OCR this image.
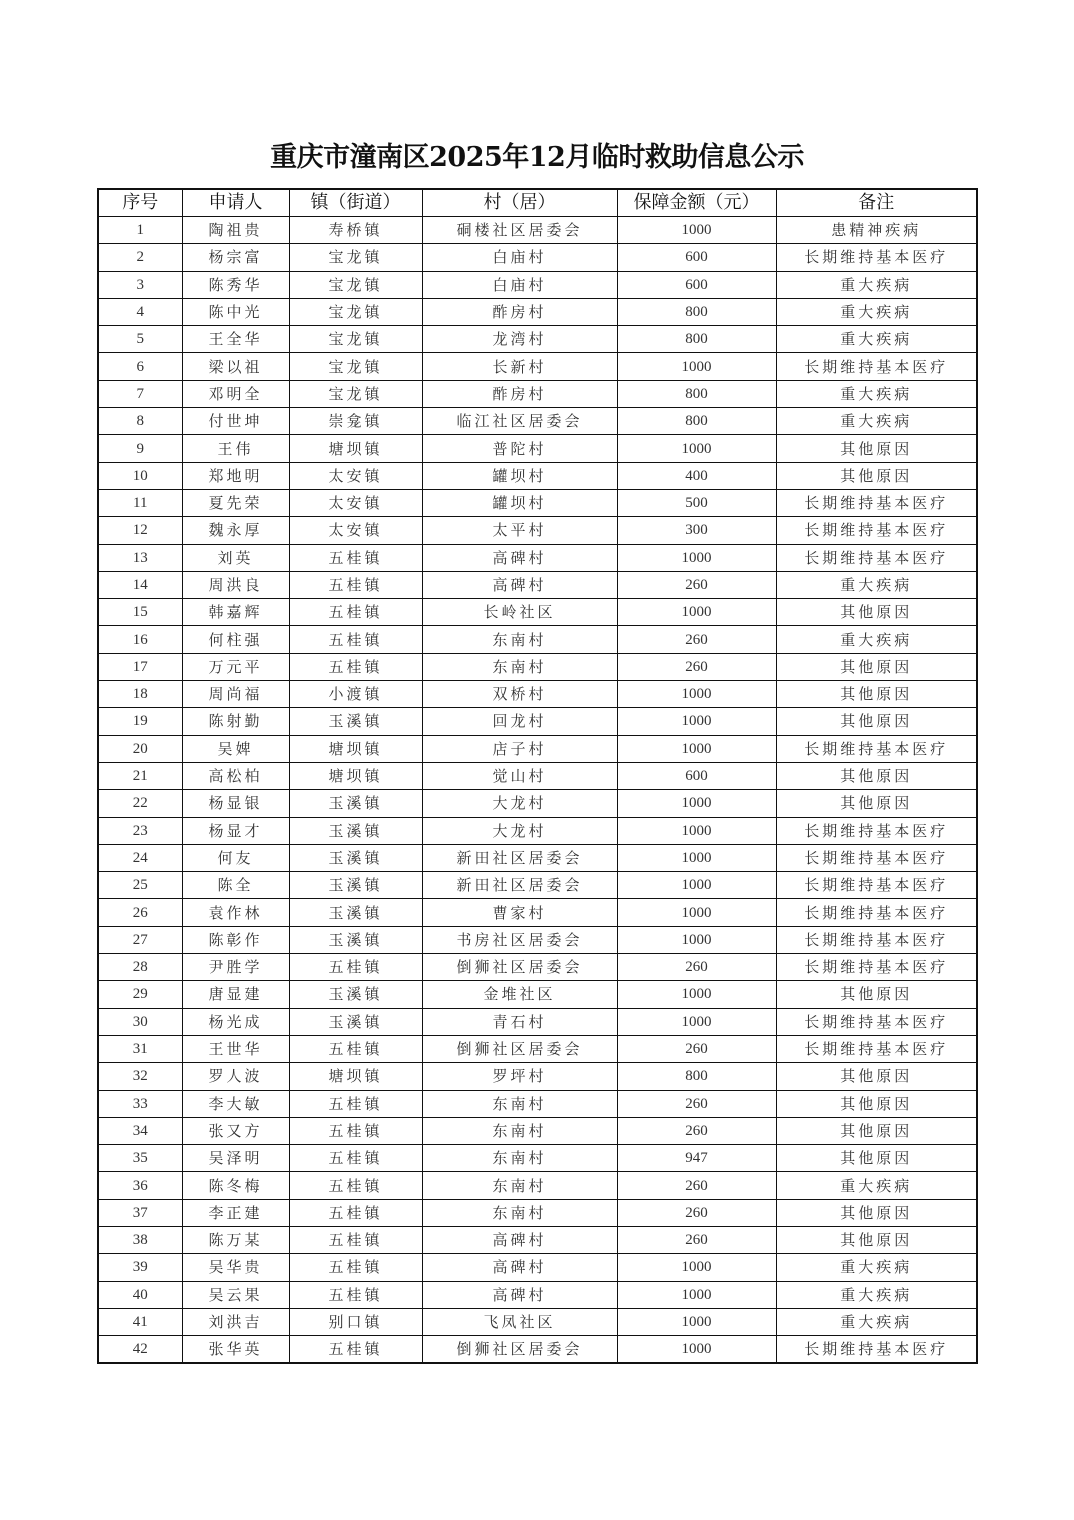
重庆市潼南区2025年12月临时救助信息公示
序号	申请人	镇（街道）	村（居）	保障金额（元）	备注
1	陶祖贵	寿桥镇	硐楼社区居委会	1000	患精神疾病
2	杨宗富	宝龙镇	白庙村	600	长期维持基本医疗
3	陈秀华	宝龙镇	白庙村	600	重大疾病
4	陈中光	宝龙镇	酢房村	800	重大疾病
5	王全华	宝龙镇	龙湾村	800	重大疾病
6	梁以祖	宝龙镇	长新村	1000	长期维持基本医疗
7	邓明全	宝龙镇	酢房村	800	重大疾病
8	付世坤	崇龛镇	临江社区居委会	800	重大疾病
9	王伟	塘坝镇	普陀村	1000	其他原因
10	郑地明	太安镇	罐坝村	400	其他原因
11	夏先荣	太安镇	罐坝村	500	长期维持基本医疗
12	魏永厚	太安镇	太平村	300	长期维持基本医疗
13	刘英	五桂镇	高碑村	1000	长期维持基本医疗
14	周洪良	五桂镇	高碑村	260	重大疾病
15	韩嘉辉	五桂镇	长岭社区	1000	其他原因
16	何柱强	五桂镇	东南村	260	重大疾病
17	万元平	五桂镇	东南村	260	其他原因
18	周尚福	小渡镇	双桥村	1000	其他原因
19	陈射勤	玉溪镇	回龙村	1000	其他原因
20	吴婢	塘坝镇	店子村	1000	长期维持基本医疗
21	高松柏	塘坝镇	觉山村	600	其他原因
22	杨显银	玉溪镇	大龙村	1000	其他原因
23	杨显才	玉溪镇	大龙村	1000	长期维持基本医疗
24	何友	玉溪镇	新田社区居委会	1000	长期维持基本医疗
25	陈全	玉溪镇	新田社区居委会	1000	长期维持基本医疗
26	袁作林	玉溪镇	曹家村	1000	长期维持基本医疗
27	陈彰作	玉溪镇	书房社区居委会	1000	长期维持基本医疗
28	尹胜学	五桂镇	倒狮社区居委会	260	长期维持基本医疗
29	唐显建	玉溪镇	金堆社区	1000	其他原因
30	杨光成	玉溪镇	青石村	1000	长期维持基本医疗
31	王世华	五桂镇	倒狮社区居委会	260	长期维持基本医疗
32	罗人波	塘坝镇	罗坪村	800	其他原因
33	李大敏	五桂镇	东南村	260	其他原因
34	张又方	五桂镇	东南村	260	其他原因
35	吴泽明	五桂镇	东南村	947	其他原因
36	陈冬梅	五桂镇	东南村	260	重大疾病
37	李正建	五桂镇	东南村	260	其他原因
38	陈万某	五桂镇	高碑村	260	其他原因
39	吴华贵	五桂镇	高碑村	1000	重大疾病
40	吴云果	五桂镇	高碑村	1000	重大疾病
41	刘洪吉	别口镇	飞凤社区	1000	重大疾病
42	张华英	五桂镇	倒狮社区居委会	1000	长期维持基本医疗
